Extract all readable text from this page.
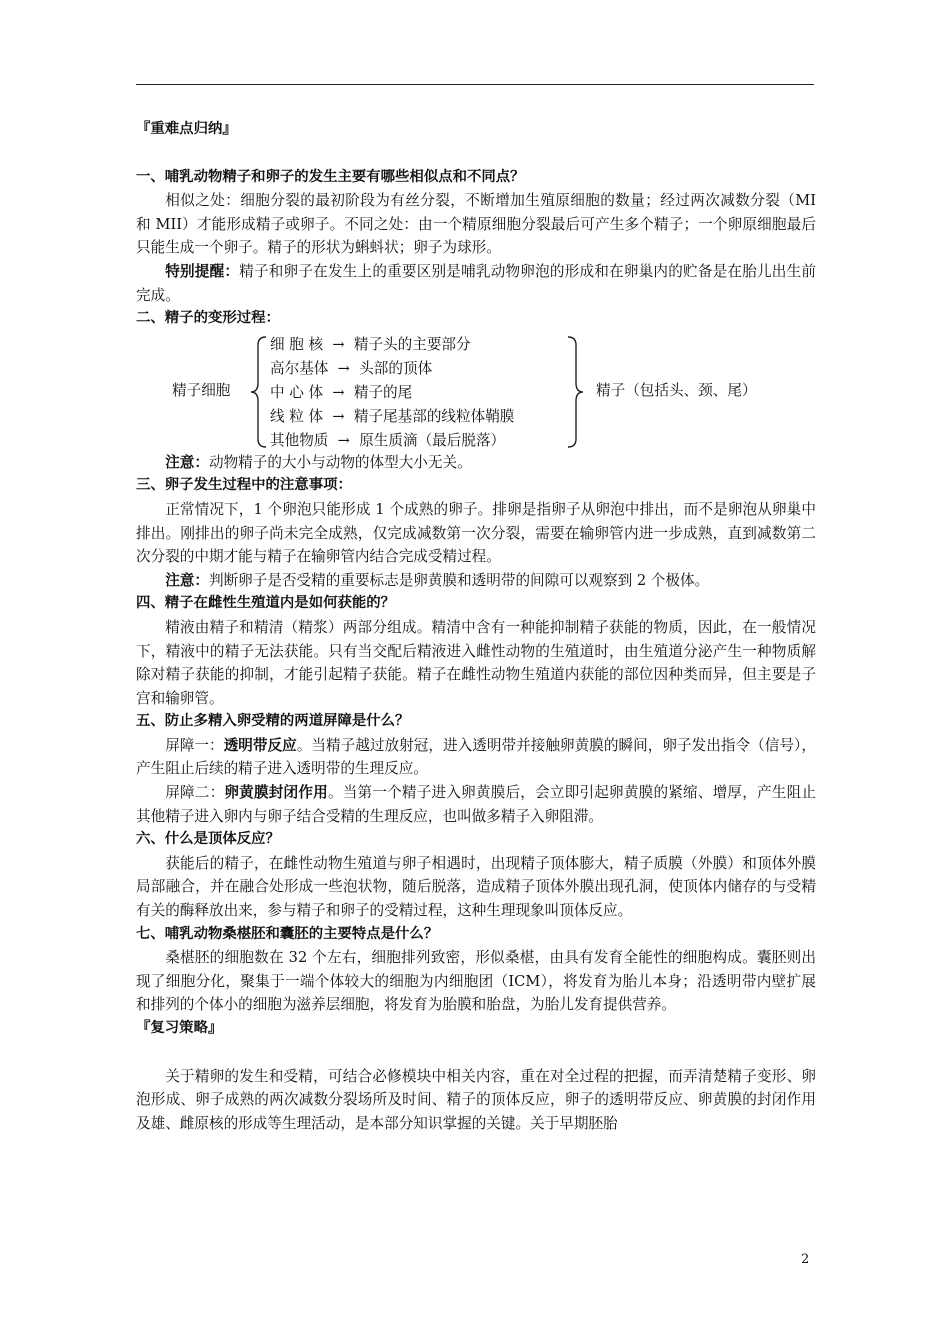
『重难点归纳』
一、哺乳动物精子和卵子的发生主要有哪些相似点和不同点？

相似之处：细胞分裂的最初阶段为有丝分裂，不断增加生殖原细胞的数量；经过两次减数分裂（MI 和 MII）才能形成精子或卵子。不同之处：由一个精原细胞分裂最后可产生多个精子；一个卵原细胞最后只能生成一个卵子。精子的形状为蝌蚪状；卵子为球形。

特别提醒：精子和卵子在发生上的重要区别是哺乳动物卵泡的形成和在卵巢内的贮备是在胎儿出生前完成。

二、精子的变形过程：
精子细胞
细 胞 核 → 精子头的主要部分
高尔基体 → 头部的顶体
中 心 体 → 精子的尾
线 粒 体 → 精子尾基部的线粒体鞘膜
其他物质 → 原生质滴（最后脱落）
精子（包括头、颈、尾）

注意：动物精子的大小与动物的体型大小无关。

三、卵子发生过程中的注意事项：

正常情况下，1 个卵泡只能形成 1 个成熟的卵子。排卵是指卵子从卵泡中排出，而不是卵泡从卵巢中排出。刚排出的卵子尚未完全成熟，仅完成减数第一次分裂，需要在输卵管内进一步成熟，直到减数第二次分裂的中期才能与精子在输卵管内结合完成受精过程。

注意：判断卵子是否受精的重要标志是卵黄膜和透明带的间隙可以观察到 2 个极体。

四、精子在雌性生殖道内是如何获能的？

精液由精子和精清（精浆）两部分组成。精清中含有一种能抑制精子获能的物质，因此，在一般情况下，精液中的精子无法获能。只有当交配后精液进入雌性动物的生殖道时，由生殖道分泌产生一种物质解除对精子获能的抑制，才能引起精子获能。精子在雌性动物生殖道内获能的部位因种类而异，但主要是子宫和输卵管。

五、防止多精入卵受精的两道屏障是什么？

屏障一：透明带反应。当精子越过放射冠，进入透明带并接触卵黄膜的瞬间，卵子发出指令（信号），产生阻止后续的精子进入透明带的生理反应。

屏障二：卵黄膜封闭作用。当第一个精子进入卵黄膜后，会立即引起卵黄膜的紧缩、增厚，产生阻止其他精子进入卵内与卵子结合受精的生理反应，也叫做多精子入卵阻滞。

六、什么是顶体反应？

获能后的精子，在雌性动物生殖道与卵子相遇时，出现精子顶体膨大，精子质膜（外膜）和顶体外膜局部融合，并在融合处形成一些泡状物，随后脱落，造成精子顶体外膜出现孔洞，使顶体内储存的与受精有关的酶释放出来，参与精子和卵子的受精过程，这种生理现象叫顶体反应。

七、哺乳动物桑椹胚和囊胚的主要特点是什么？

桑椹胚的细胞数在 32 个左右，细胞排列致密，形似桑椹，由具有发育全能性的细胞构成。囊胚则出现了细胞分化，聚集于一端个体较大的细胞为内细胞团（ICM），将发育为胎儿本身；沿透明带内壁扩展和排列的个体小的细胞为滋养层细胞，将发育为胎膜和胎盘，为胎儿发育提供营养。

『复习策略』

关于精卵的发生和受精，可结合必修模块中相关内容，重在对全过程的把握，而弄清楚精子变形、卵泡形成、卵子成熟的两次减数分裂场所及时间、精子的顶体反应，卵子的透明带反应、卵黄膜的封闭作用及雄、雌原核的形成等生理活动，是本部分知识掌握的关键。关于早期胚胎

2
